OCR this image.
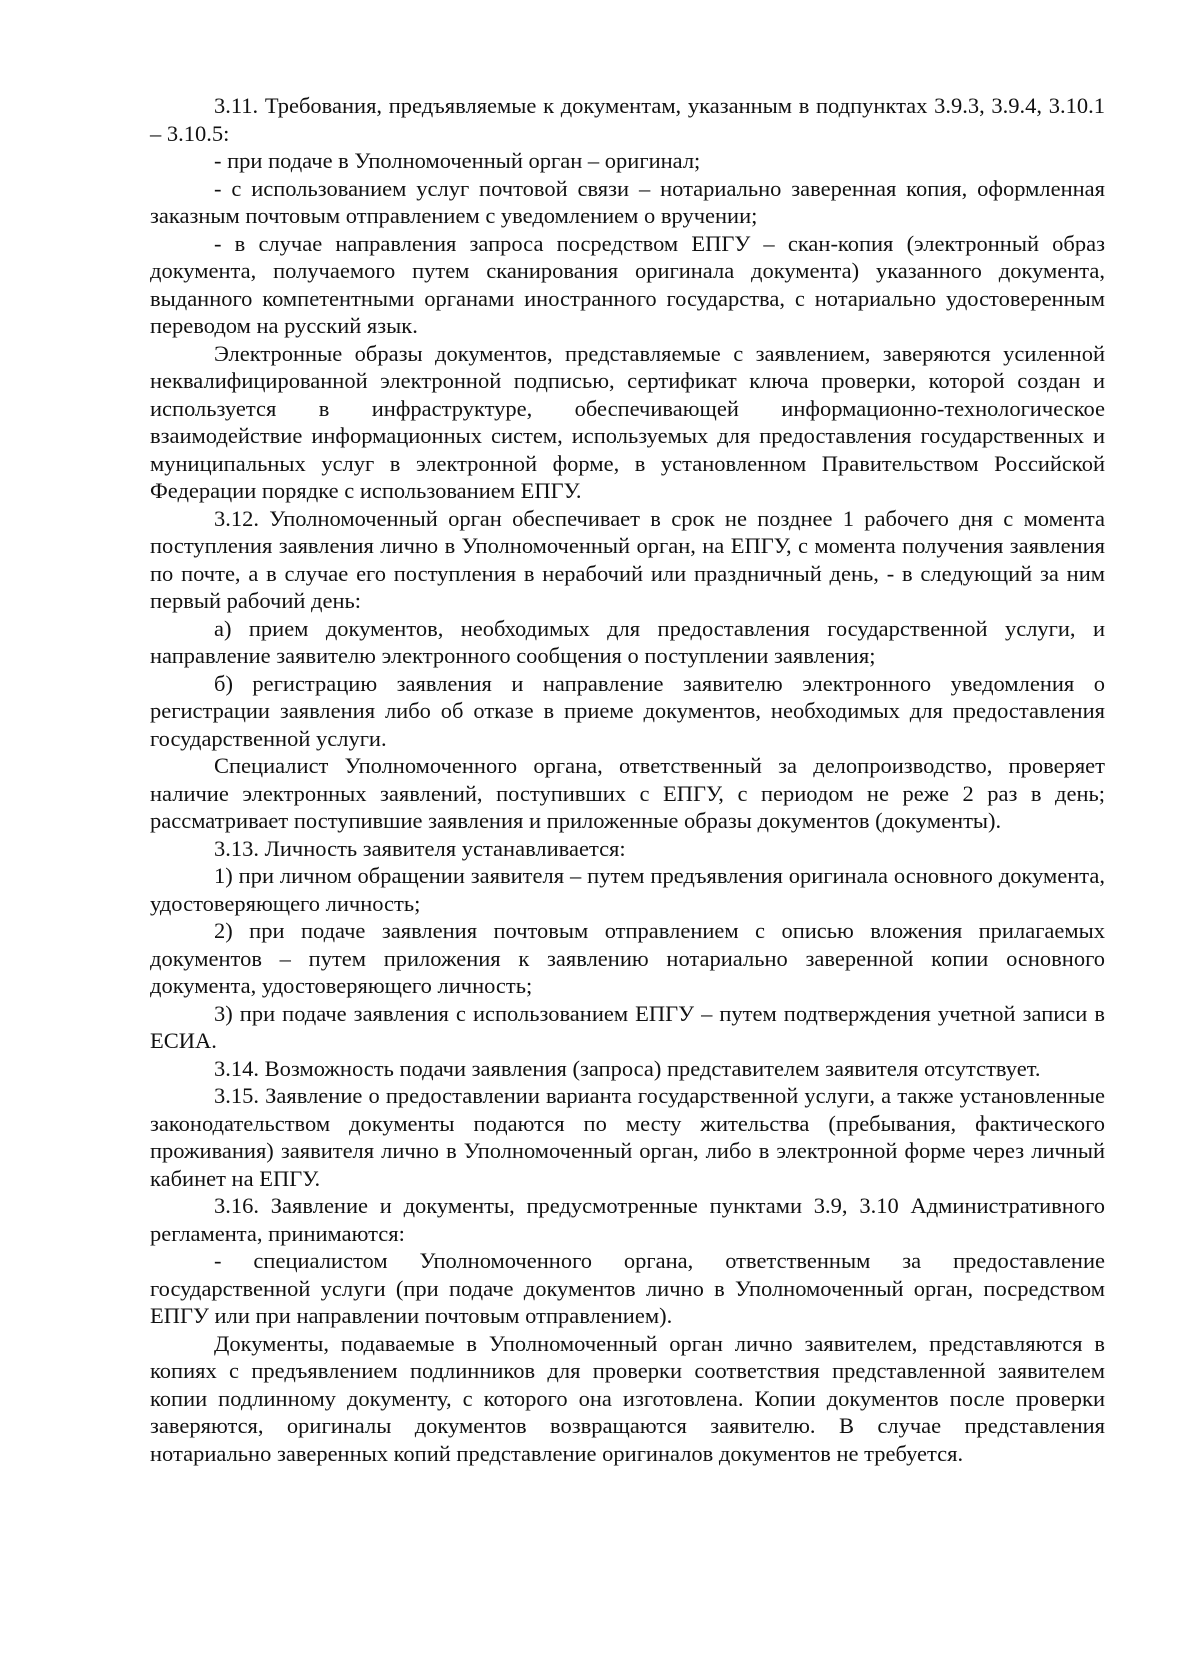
3.11. Требования, предъявляемые к документам, указанным в подпунктах 3.9.3, 3.9.4, 3.10.1 – 3.10.5:

- при подаче в Уполномоченный орган – оригинал;

- с использованием услуг почтовой связи – нотариально заверенная копия, оформленная заказным почтовым отправлением с уведомлением о вручении;

- в случае направления запроса посредством ЕПГУ – скан-копия (электронный образ документа, получаемого путем сканирования оригинала документа) указанного документа, выданного компетентными органами иностранного государства, с нотариально удостоверенным переводом на русский язык.

Электронные образы документов, представляемые с заявлением, заверяются усиленной неквалифицированной электронной подписью, сертификат ключа проверки, которой создан и используется в инфраструктуре, обеспечивающей информационно-технологическое взаимодействие информационных систем, используемых для предоставления государственных и муниципальных услуг в электронной форме, в установленном Правительством Российской Федерации порядке с использованием ЕПГУ.

3.12. Уполномоченный орган обеспечивает в срок не позднее 1 рабочего дня с момента поступления заявления лично в Уполномоченный орган, на ЕПГУ, с момента получения заявления по почте, а в случае его поступления в нерабочий или праздничный день, - в следующий за ним первый рабочий день:

а) прием документов, необходимых для предоставления государственной услуги, и направление заявителю электронного сообщения о поступлении заявления;

б) регистрацию заявления и направление заявителю электронного уведомления о регистрации заявления либо об отказе в приеме документов, необходимых для предоставления государственной услуги.

Специалист Уполномоченного органа, ответственный за делопроизводство, проверяет наличие электронных заявлений, поступивших с ЕПГУ, с периодом не реже 2 раз в день; рассматривает поступившие заявления и приложенные образы документов (документы).

3.13. Личность заявителя устанавливается:

1) при личном обращении заявителя – путем предъявления оригинала основного документа, удостоверяющего личность;

2) при подаче заявления почтовым отправлением с описью вложения прилагаемых документов – путем приложения к заявлению нотариально заверенной копии основного документа, удостоверяющего личность;

3) при подаче заявления с использованием ЕПГУ – путем подтверждения учетной записи в ЕСИА.

3.14. Возможность подачи заявления (запроса) представителем заявителя отсутствует.

3.15. Заявление о предоставлении варианта государственной услуги, а также установленные законодательством документы подаются по месту жительства (пребывания, фактического проживания) заявителя лично в Уполномоченный орган, либо в электронной форме через личный кабинет на ЕПГУ.

3.16. Заявление и документы, предусмотренные пунктами 3.9, 3.10 Административного регламента, принимаются:

- специалистом Уполномоченного органа, ответственным за предоставление государственной услуги (при подаче документов лично в Уполномоченный орган, посредством ЕПГУ или при направлении почтовым отправлением).

Документы, подаваемые в Уполномоченный орган лично заявителем, представляются в копиях с предъявлением подлинников для проверки соответствия представленной заявителем копии подлинному документу, с которого она изготовлена. Копии документов после проверки заверяются, оригиналы документов возвращаются заявителю. В случае представления нотариально заверенных копий представление оригиналов документов не требуется.
